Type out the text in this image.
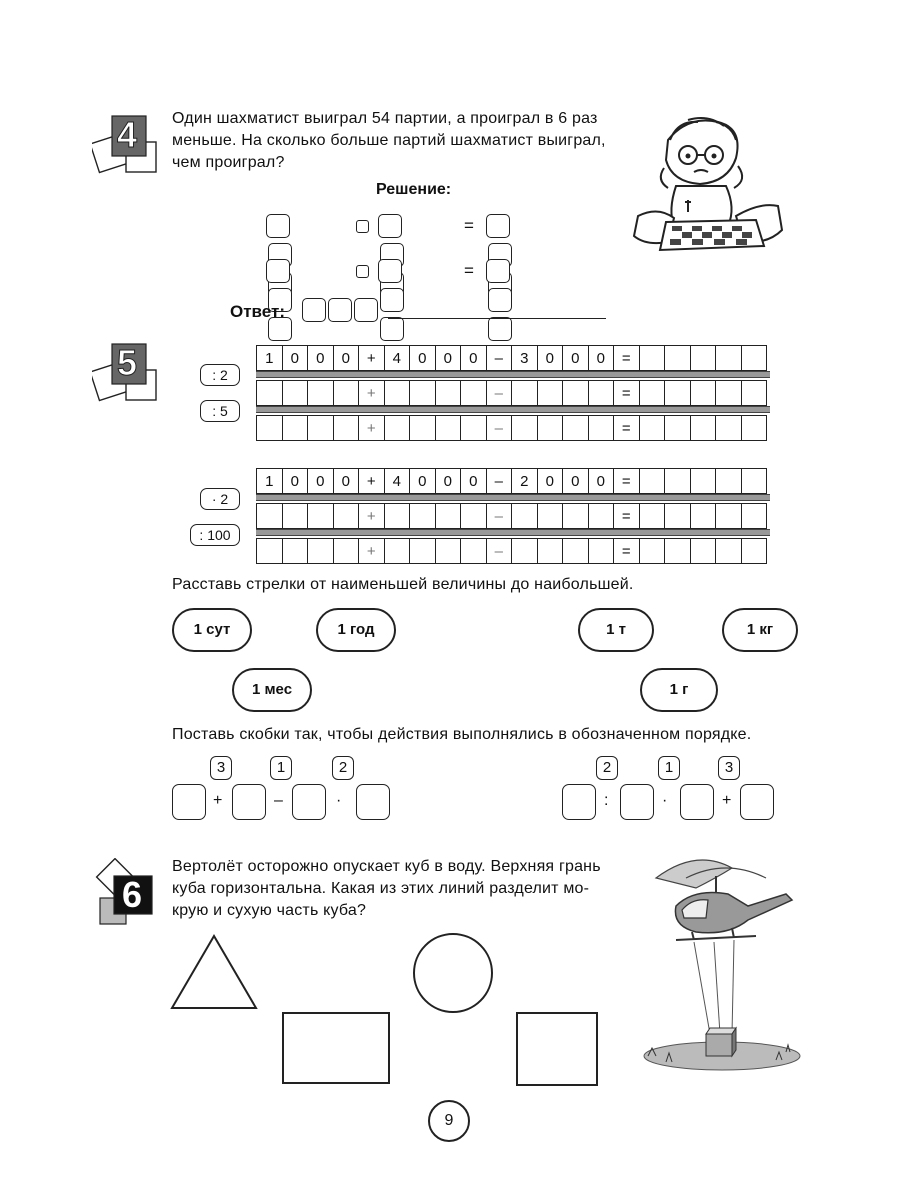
4 Один шахматист выиграл 54 партии, а проиграл в 6 раз
меньше. На сколько больше партий шахматист выиграл,
чем проиграл?
Решение:
=
=
Ответ:
5	: 2
: 5
1	0	0	0	+	4	0	0	0	–	3	0	0	0	=					
				+					–					=					
				+					–					=					
· 2
: 100
1	0	0	0	+	4	0	0	0	–	2	0	0	0	=					
				+					–					=					
				+					–					=					
Расставь стрелки от наименьшей величины до наибольшей.
1 сут	1 год	1 т	1 кг
1 мес	1 г
Поставь скобки так, чтобы действия выполнялись в обозначенном порядке.
3	1	2
+	–	·
2	1	3
:	·	+
6
Вертолёт осторожно опускает куб в воду. Верхняя грань
куба горизонтальна. Какая из этих линий разделит мо-
крую и сухую часть куба?
9
